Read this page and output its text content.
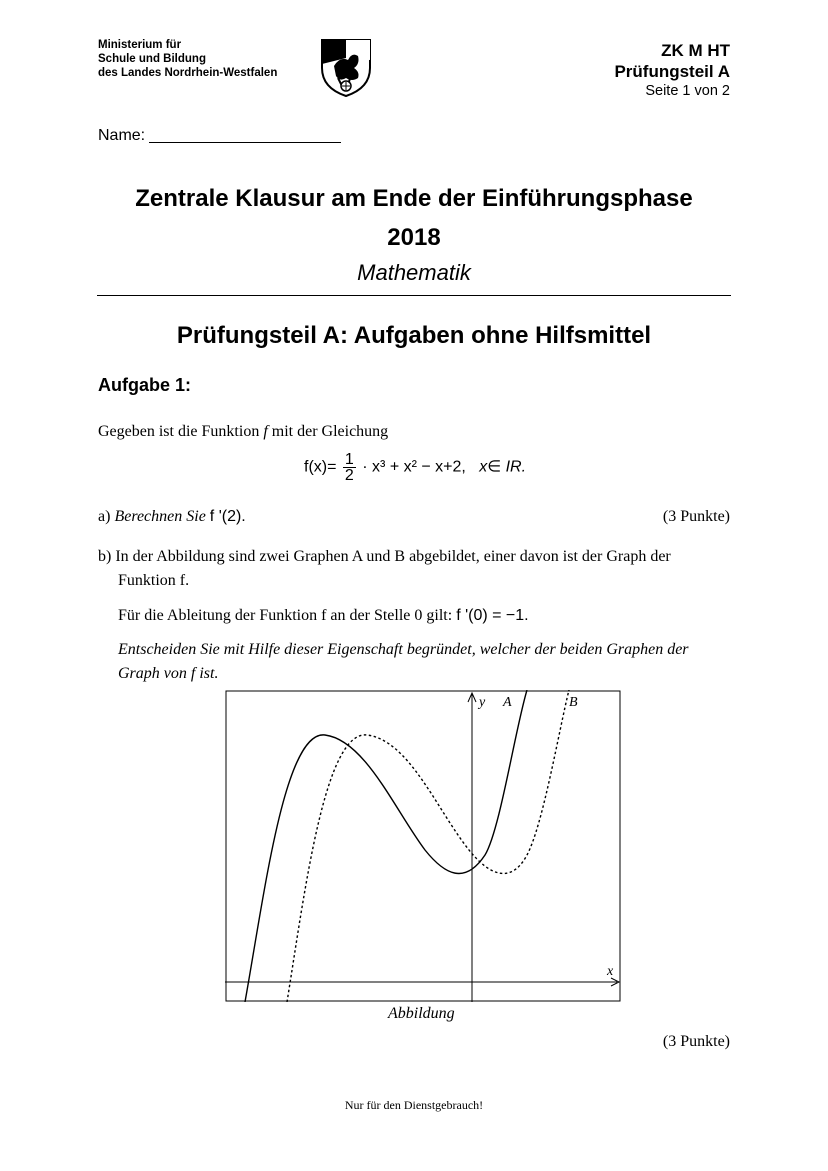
Ministerium für
Schule und Bildung
des Landes Nordrhein-Westfalen
ZK M HT
Prüfungsteil A
Seite 1 von 2
Name:
Zentrale Klausur am Ende der Einführungsphase
2018
Mathematik
Prüfungsteil A: Aufgaben ohne Hilfsmittel
Aufgabe 1:
Gegeben ist die Funktion f mit der Gleichung
$f(x)= \frac{1}{2} \cdot x^3 + x^2 - x+2$, x∈ IR.
a) Berechnen Sie f '(2).	(3 Punkte)
b) In der Abbildung sind zwei Graphen A und B abgebildet, einer davon ist der Graph der
Funktion f.
Für die Ableitung der Funktion f an der Stelle 0 gilt: f '(0) = −1.
Entscheiden Sie mit Hilfe dieser Eigenschaft begründet, welcher der beiden Graphen der
Graph von f ist.
y A	B
x
Abbildung
(3 Punkte)
Nur für den Dienstgebrauch!
